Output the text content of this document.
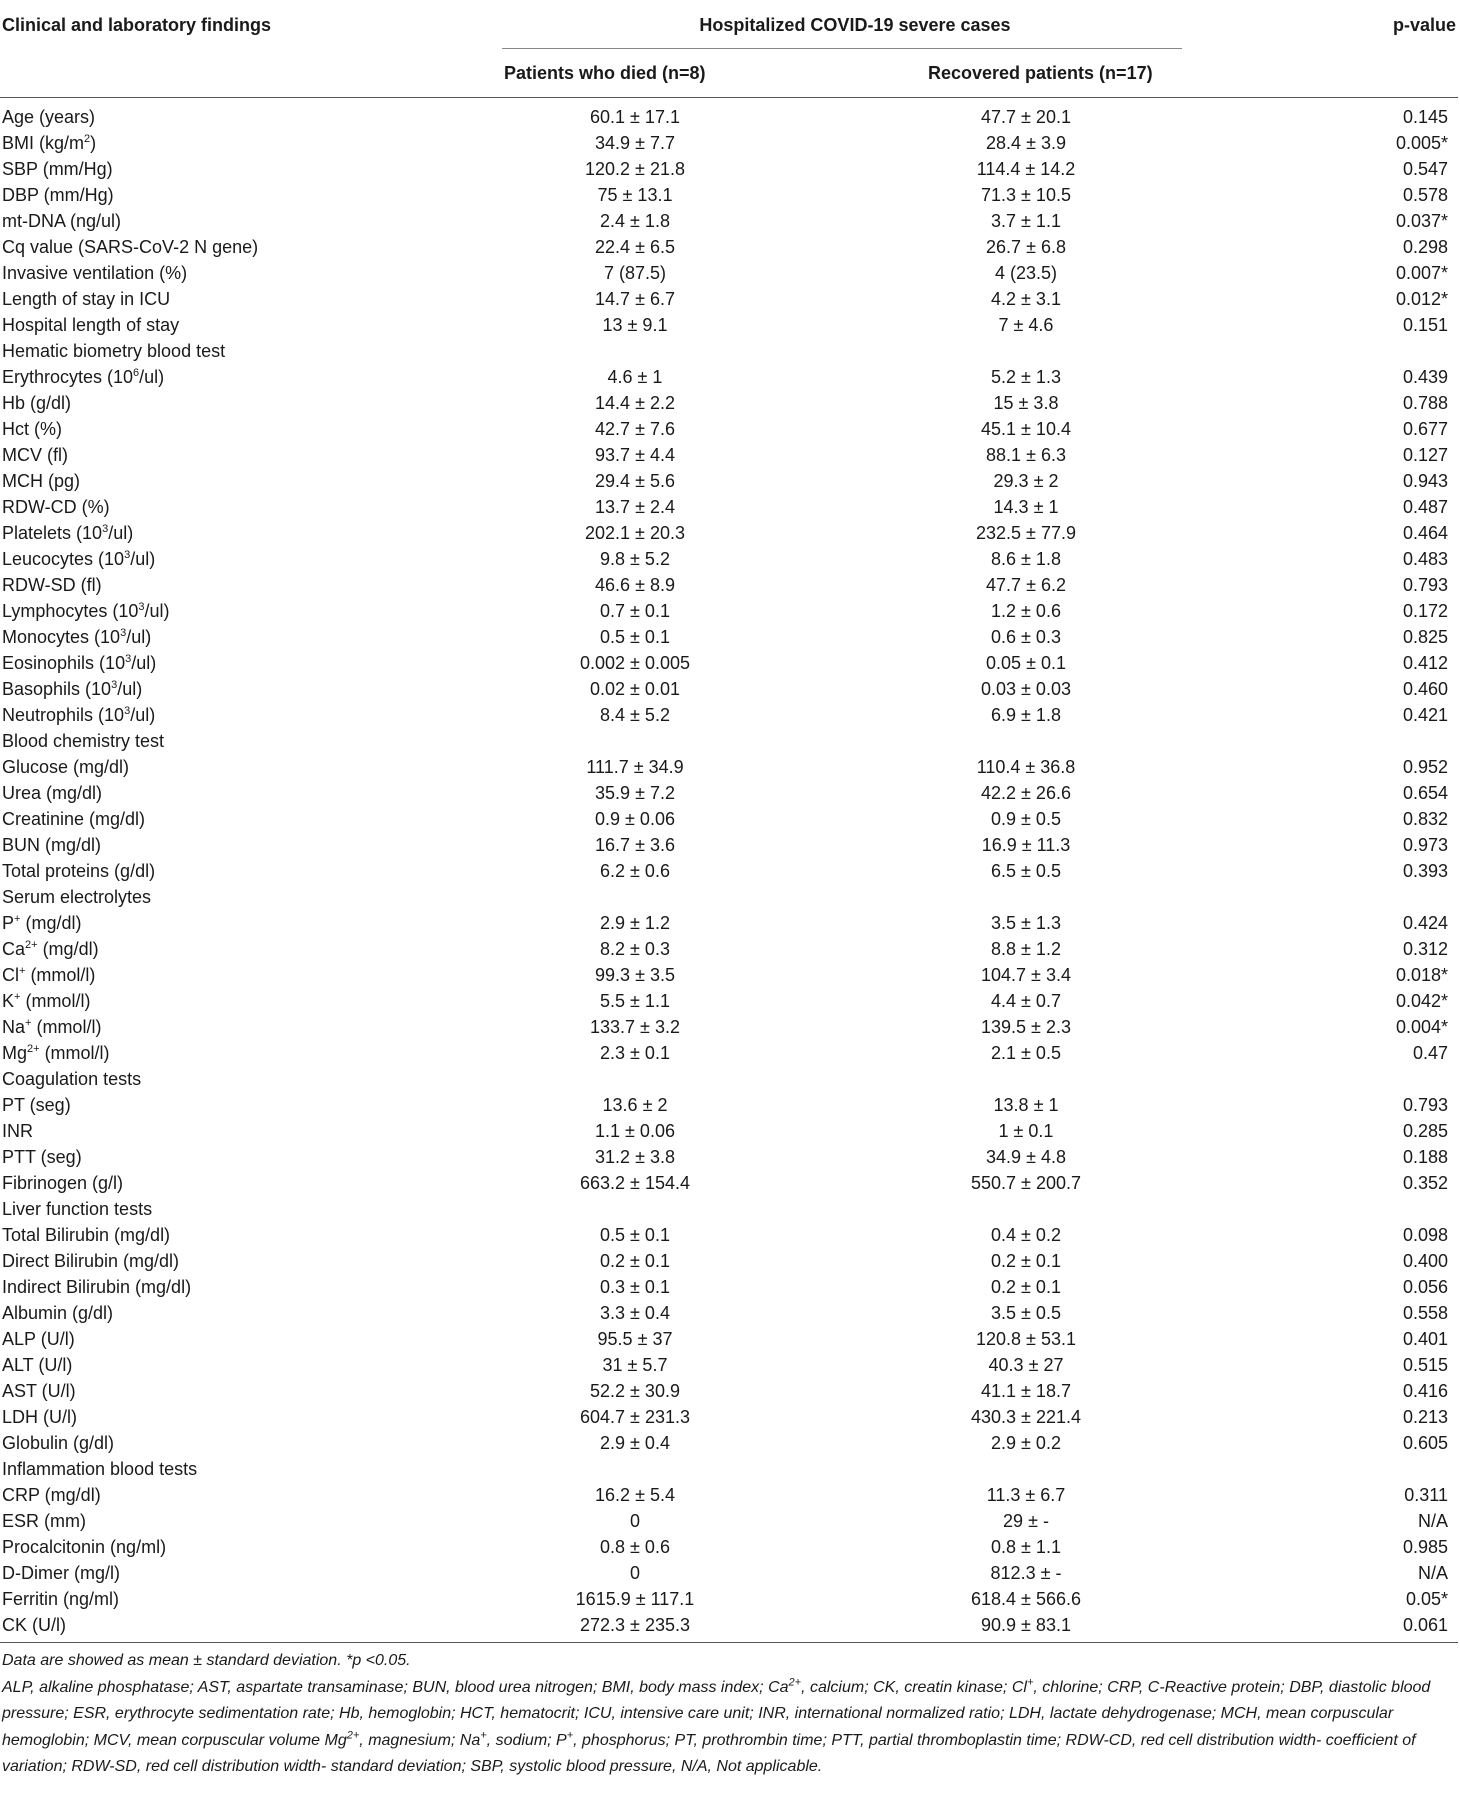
Clinical and laboratory findings	Hospitalized COVID-19 severe cases		p-value
	Patients who died (n=8)	Recovered patients (n=17)	
Age (years)	60.1 ± 17.1	47.7 ± 20.1	0.145
BMI $(kg/m^2)$	34.9 ± 7.7	28.4 ± 3.9	0.005*
SBP (mm/Hg)	120.2 ± 21.8	114.4 ± 14.2	0.547
DBP (mm/Hg)	75 ± 13.1	71.3 ± 10.5	0.578
mt-DNA (ng/ul)	2.4 ± 1.8	3.7 ± 1.1	0.037*
Cq value (SARS-CoV-2 N gene)	22.4 ± 6.5	26.7 ± 6.8	0.298
Invasive ventilation (%)	7 (87.5)	4 (23.5)	0.007*
Length of stay in ICU	14.7 ± 6.7	4.2 ± 3.1	0.012*
Hospital length of stay	13 ± 9.1	7 ± 4.6	0.151
Hematic biometry blood test			
Erythrocytes $(10^6/ul)$	4.6 ± 1	5.2 ± 1.3	0.439
Hb (g/dl)	14.4 ± 2.2	15 ± 3.8	0.788
Hct (%)	42.7 ± 7.6	45.1 ± 10.4	0.677
MCV (fl)	93.7 ± 4.4	88.1 ± 6.3	0.127
MCH (pg)	29.4 ± 5.6	29.3 ± 2	0.943
RDW-CD (%)	13.7 ± 2.4	14.3 ± 1	0.487
Platelets $(10^3/ul)$	202.1 ± 20.3	232.5 ± 77.9	0.464
Leucocytes $(10^3/ul)$	9.8 ± 5.2	8.6 ± 1.8	0.483
RDW-SD (fl)	46.6 ± 8.9	47.7 ± 6.2	0.793
Lymphocytes $(10^3/ul)$	0.7 ± 0.1	1.2 ± 0.6	0.172
Monocytes $(10^3/ul)$	0.5 ± 0.1	0.6 ± 0.3	0.825
Eosinophils $(10^3/ul)$	0.002 ± 0.005	0.05 ± 0.1	0.412
Basophils $(10^3/ul)$	0.02 ± 0.01	0.03 ± 0.03	0.460
Neutrophils $(10^3/ul)$	8.4 ± 5.2	6.9 ± 1.8	0.421
Blood chemistry test			
Glucose (mg/dl)	111.7 ± 34.9	110.4 ± 36.8	0.952
Urea (mg/dl)	35.9 ± 7.2	42.2 ± 26.6	0.654
Creatinine (mg/dl)	0.9 ± 0.06	0.9 ± 0.5	0.832
BUN (mg/dl)	16.7 ± 3.6	16.9 ± 11.3	0.973
Total proteins (g/dl)	6.2 ± 0.6	6.5 ± 0.5	0.393
Serum electrolytes			
P+ (mg/dl)	2.9 ± 1.2	3.5 ± 1.3	0.424
$Ca^{2+}$ (mg/dl)	8.2 ± 0.3	8.8 ± 1.2	0.312
Cl+ (mmol/l)	99.3 ± 3.5	104.7 ± 3.4	0.018*
K+ (mmol/l)	5.5 ± 1.1	4.4 ± 0.7	0.042*
Na+ (mmol/l)	133.7 ± 3.2	139.5 ± 2.3	0.004*
$Mg^{2+}$ (mmol/l)	2.3 ± 0.1	2.1 ± 0.5	0.47
Coagulation tests			
PT (seg)	13.6 ± 2	13.8 ± 1	0.793
INR	1.1 ± 0.06	1 ± 0.1	0.285
PTT (seg)	31.2 ± 3.8	34.9 ± 4.8	0.188
Fibrinogen (g/l)	663.2 ± 154.4	550.7 ± 200.7	0.352
Liver function tests			
Total Bilirubin (mg/dl)	0.5 ± 0.1	0.4 ± 0.2	0.098
Direct Bilirubin (mg/dl)	0.2 ± 0.1	0.2 ± 0.1	0.400
Indirect Bilirubin (mg/dl)	0.3 ± 0.1	0.2 ± 0.1	0.056
Albumin (g/dl)	3.3 ± 0.4	3.5 ± 0.5	0.558
ALP (U/l)	95.5 ± 37	120.8 ± 53.1	0.401
ALT (U/l)	31 ± 5.7	40.3 ± 27	0.515
AST (U/l)	52.2 ± 30.9	41.1 ± 18.7	0.416
LDH (U/l)	604.7 ± 231.3	430.3 ± 221.4	0.213
Globulin (g/dl)	2.9 ± 0.4	2.9 ± 0.2	0.605
Inflammation blood tests			
CRP (mg/dl)	16.2 ± 5.4	11.3 ± 6.7	0.311
ESR (mm)	0	29 ± -	N/A
Procalcitonin (ng/ml)	0.8 ± 0.6	0.8 ± 1.1	0.985
D-Dimer (mg/l)	0	812.3 ± -	N/A
Ferritin (ng/ml)	1615.9 ± 117.1	618.4 ± 566.6	0.05*
CK (U/l)	272.3 ± 235.3	90.9 ± 83.1	0.061

Data are showed as mean ± standard deviation. *p <0.05.

ALP, alkaline phosphatase; AST, aspartate transaminase; BUN, blood urea nitrogen; BMI, body mass index; $Ca^{2+}$, calcium; CK, creatin kinase; Cl+, chlorine; CRP, C-Reactive protein; DBP, diastolic blood pressure; ESR, erythrocyte sedimentation rate; Hb, hemoglobin; HCT, hematocrit; ICU, intensive care unit; INR, international normalized ratio; LDH, lactate dehydrogenase; MCH, mean corpuscular hemoglobin; MCV, mean corpuscular volume $Mg^{2+}$, magnesium; Na+, sodium; P+, phosphorus; PT, prothrombin time; PTT, partial thromboplastin time; RDW-CD, red cell distribution width- coefficient of variation; RDW-SD, red cell distribution width- standard deviation; SBP, systolic blood pressure, N/A, Not applicable.
